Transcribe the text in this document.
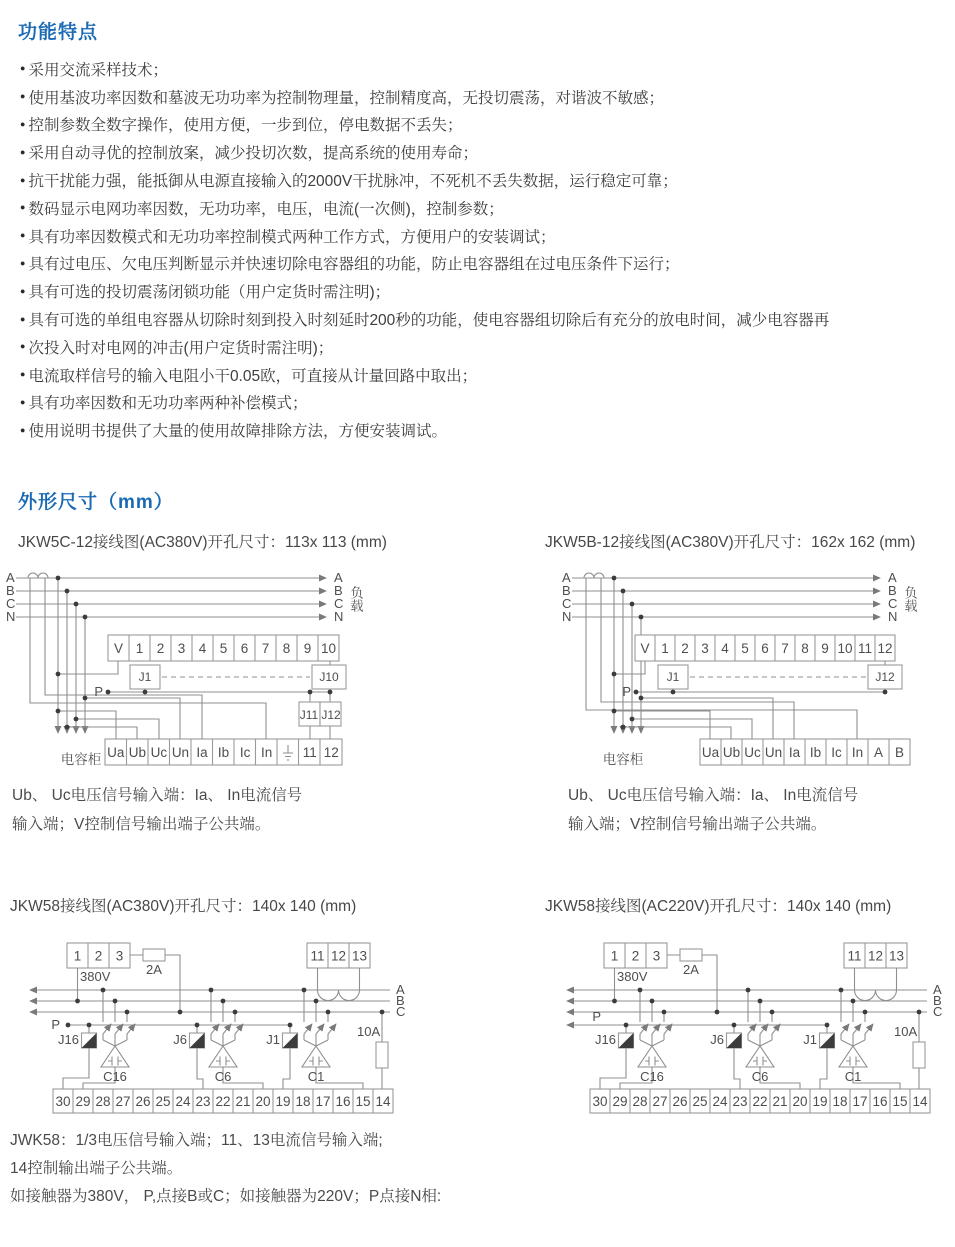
功能特点
● 采用交流采样技术；
● 使用基波功率因数和墓波无功功率为控制物理量，控制精度高，无投切震荡，对谐波不敏感；
● 控制参数全数字操作，使用方便，一步到位，停电数据不丢失；
● 采用自动寻优的控制放案，减少投切次数，提高系统的使用寿命；
● 抗干扰能力强，能抵御从电源直接输入的2000V干扰脉冲，不死机不丢失数据，运行稳定可靠；
● 数码显示电网功率因数，无功功率，电压，电流(一次侧)，控制参数；
● 具有功率因数模式和无功功率控制模式两种工作方式，方便用户的安装调试；
● 具有过电压、欠电压判断显示并快速切除电容器组的功能，防止电容器组在过电压条件下运行；
● 具有可选的投切震荡闭锁功能（用户定货时需注明)；
● 具有可选的单组电容器从切除时刻到投入时刻延时200秒的功能，使电容器组切除后有充分的放电时间，减少电容器再
● 次投入时对电网的冲击(用户定货时需注明)；
● 电流取样信号的输入电阻小干0.05欧，可直接从计量回路中取出；
● 具有功率因数和无功功率两种补偿模式；
● 使用说明书提供了大量的使用故障排除方法，方便安装调试。
外形尺寸（mm）
JKW5C-12接线图(AC380V)开孔尺寸：113x 113 (mm)	JKW5B-12接线图(AC380V)开孔尺寸：162x 162 (mm)
V 1 2 3 4 5 6 7 8 9 10
J1	J10
J11 J12
P
Ua Ub Uc Un Ia Ib Ic In 11 12
A
B
C
N
A
B
C
N
负载
电容柜
V 1 2 3 4 5 6 7 8 9 10 11 12
J1	J12
P
Ua Ub Uc Un Ia Ib Ic In A B
A
B
C
N
A
B
C
N
负载
电容柜
Ub、 Uc电压信号输入端：Ia、 In电流信号
输入端；V控制信号输出端子公共端。
Ub、 Uc电压信号输入端：Ia、 In电流信号
输入端；V控制信号输出端子公共端。
JKW58接线图(AC380V)开孔尺寸：140x 140 (mm)	JKW58接线图(AC220V)开孔尺寸：140x 140 (mm)
1 2 3
380V	2A
11 12 13
P
J16	J6	J1
C16	C6	C1
10A
A
B
C
30 29 28 27 26 25 24 23 22 21 20 19 18 17 16 15 14
1 2 3
380V	2A
11 12 13
P
J16	J6	J1
C16	C6	C1
10A
A
B
C
30 29 28 27 26 25 24 23 22 21 20 19 18 17 16 15 14
JWK58：1/3电压信号输入端；11、13电流信号输入端;
14控制输出端子公共端。
如接触器为380V， P,点接B或C；如接触器为220V；P点接N相:
